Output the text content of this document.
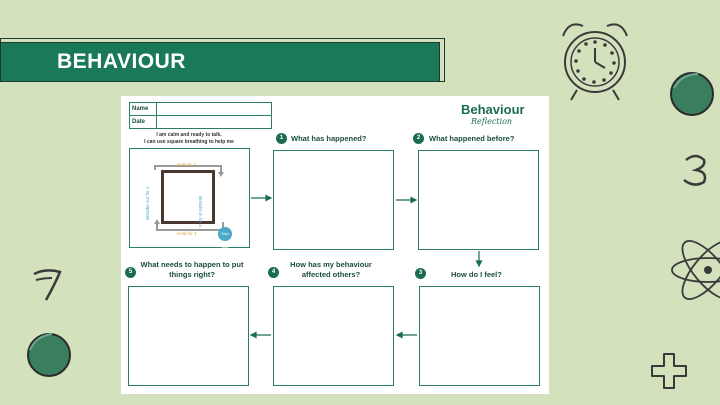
BEHAVIOUR
Name	
Date	
Behaviour
Reflection
I am calm and ready to talk.
I can use square breathing to help me
Hold for 4
Breathe in for 4
Hold for 4
Breathe out for 4
Start here
1	What has happened?	2	What happened before?
3	How do I feel?
4
How has my behaviour affected others?
5
What needs to happen to put things right?
